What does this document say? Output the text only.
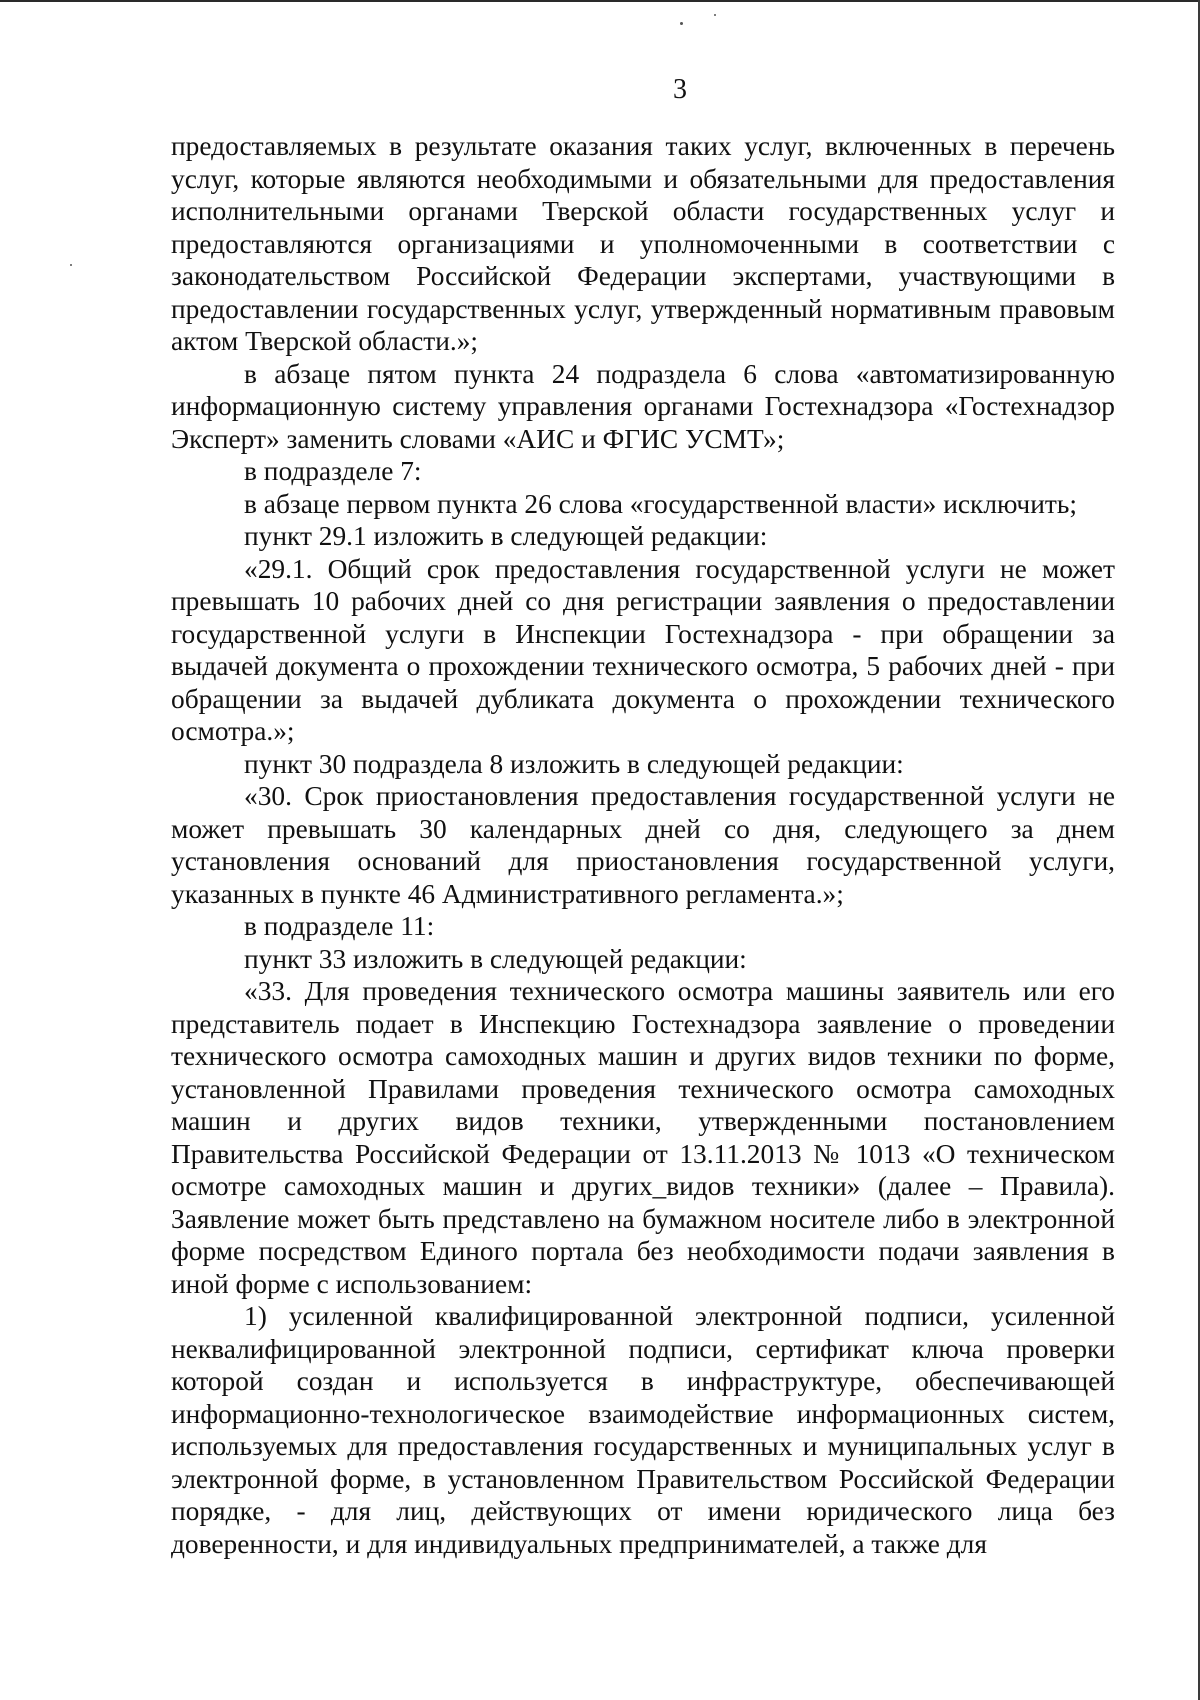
3

предоставляемых в результате оказания таких услуг, включенных в перечень услуг, которые являются необходимыми и обязательными для предоставления исполнительными органами Тверской области государственных услуг и предоставляются организациями и уполномоченными в соответствии с законодательством Российской Федерации экспертами, участвующими в предоставлении государственных услуг, утвержденный нормативным правовым актом Тверской области.»;

в абзаце пятом пункта 24 подраздела 6 слова «автоматизированную информационную систему управления органами Гостехнадзора «Гостехнадзор Эксперт» заменить словами «АИС и ФГИС УСМТ»;

в подразделе 7:

в абзаце первом пункта 26 слова «государственной власти» исключить;

пункт 29.1 изложить в следующей редакции:

«29.1. Общий срок предоставления государственной услуги не может превышать 10 рабочих дней со дня регистрации заявления о предоставлении государственной услуги в Инспекции Гостехнадзора - при обращении за выдачей документа о прохождении технического осмотра, 5 рабочих дней - при обращении за выдачей дубликата документа о прохождении технического осмотра.»;

пункт 30 подраздела 8 изложить в следующей редакции:

«30. Срок приостановления предоставления государственной услуги не может превышать 30 календарных дней со дня, следующего за днем установления оснований для приостановления государственной услуги, указанных в пункте 46 Административного регламента.»;

в подразделе 11:

пункт 33 изложить в следующей редакции:

«33. Для проведения технического осмотра машины заявитель или его представитель подает в Инспекцию Гостехнадзора заявление о проведении технического осмотра самоходных машин и других видов техники по форме, установленной Правилами проведения технического осмотра самоходных машин и других видов техники, утвержденными постановлением Правительства Российской Федерации от 13.11.2013 № 1013 «О техническом осмотре самоходных машин и других_видов техники» (далее – Правила). Заявление может быть представлено на бумажном носителе либо в электронной форме посредством Единого портала без необходимости подачи заявления в иной форме с использованием:

1) усиленной квалифицированной электронной подписи, усиленной неквалифицированной электронной подписи, сертификат ключа проверки которой создан и используется в инфраструктуре, обеспечивающей информационно-технологическое взаимодействие информационных систем, используемых для предоставления государственных и муниципальных услуг в электронной форме, в установленном Правительством Российской Федерации порядке, - для лиц, действующих от имени юридического лица без доверенности, и для индивидуальных предпринимателей, а также для
